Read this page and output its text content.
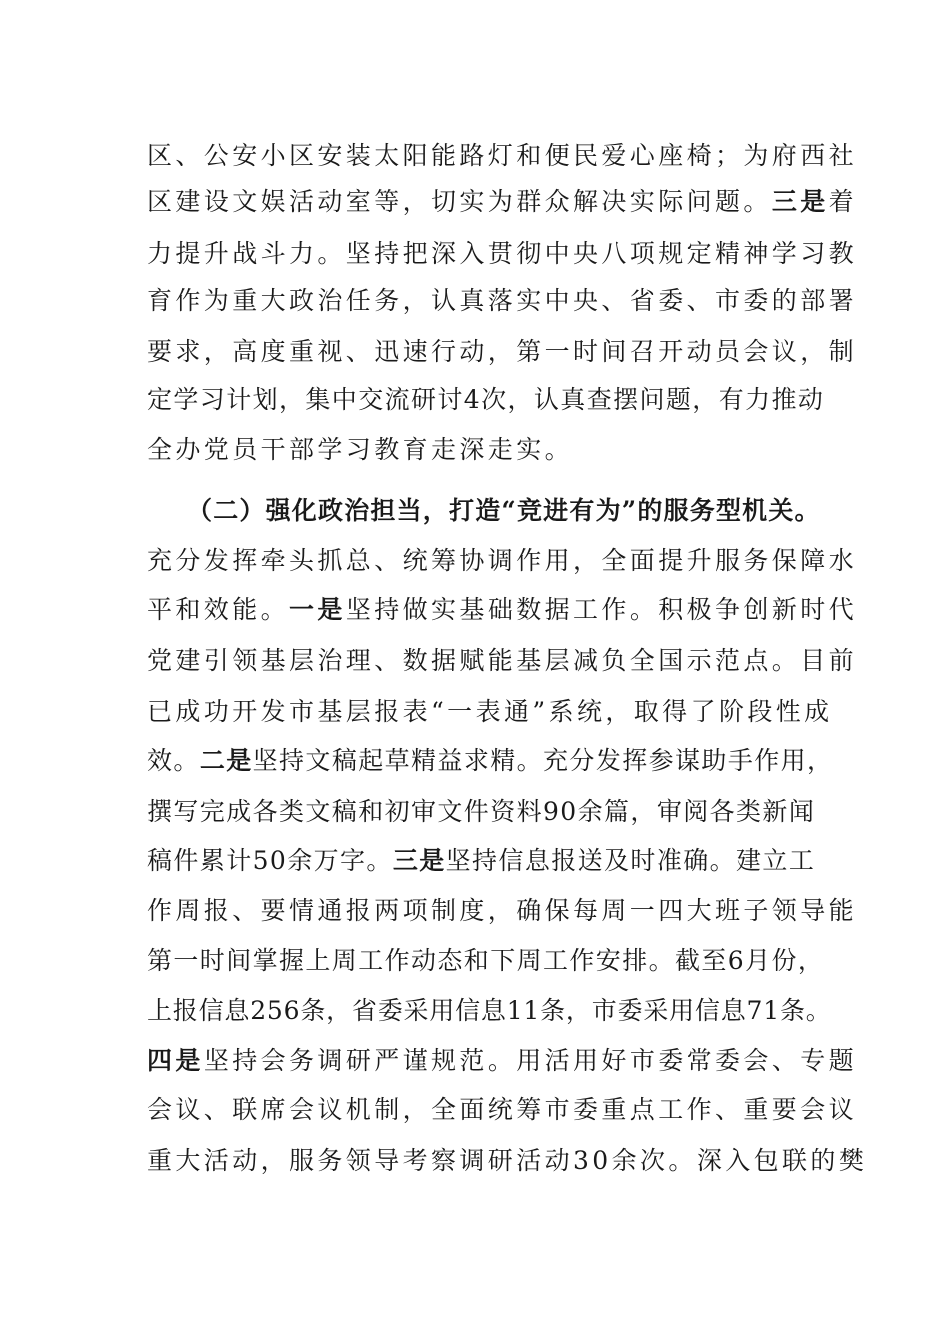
区、公安小区安装太阳能路灯和便民爱心座椅；为府西社
区建设文娱活动室等，切实为群众解决实际问题。三是着
力提升战斗力。坚持把深入贯彻中央八项规定精神学习教
育作为重大政治任务，认真落实中央、省委、市委的部署
要求，高度重视、迅速行动，第一时间召开动员会议，制
定学习计划，集中交流研讨4次，认真查摆问题，有力推动
全办党员干部学习教育走深走实。
（二）强化政治担当，打造“竞进有为”的服务型机关。
充分发挥牵头抓总、统筹协调作用，全面提升服务保障水
平和效能。一是坚持做实基础数据工作。积极争创新时代
党建引领基层治理、数据赋能基层减负全国示范点。目前
已成功开发市基层报表“一表通”系统，取得了阶段性成
效。二是坚持文稿起草精益求精。充分发挥参谋助手作用，
撰写完成各类文稿和初审文件资料90余篇，审阅各类新闻
稿件累计50余万字。三是坚持信息报送及时准确。建立工
作周报、要情通报两项制度，确保每周一四大班子领导能
第一时间掌握上周工作动态和下周工作安排。截至6月份，
上报信息256条，省委采用信息11条，市委采用信息71条。
四是坚持会务调研严谨规范。用活用好市委常委会、专题
会议、联席会议机制，全面统筹市委重点工作、重要会议
重大活动，服务领导考察调研活动30余次。深入包联的樊
